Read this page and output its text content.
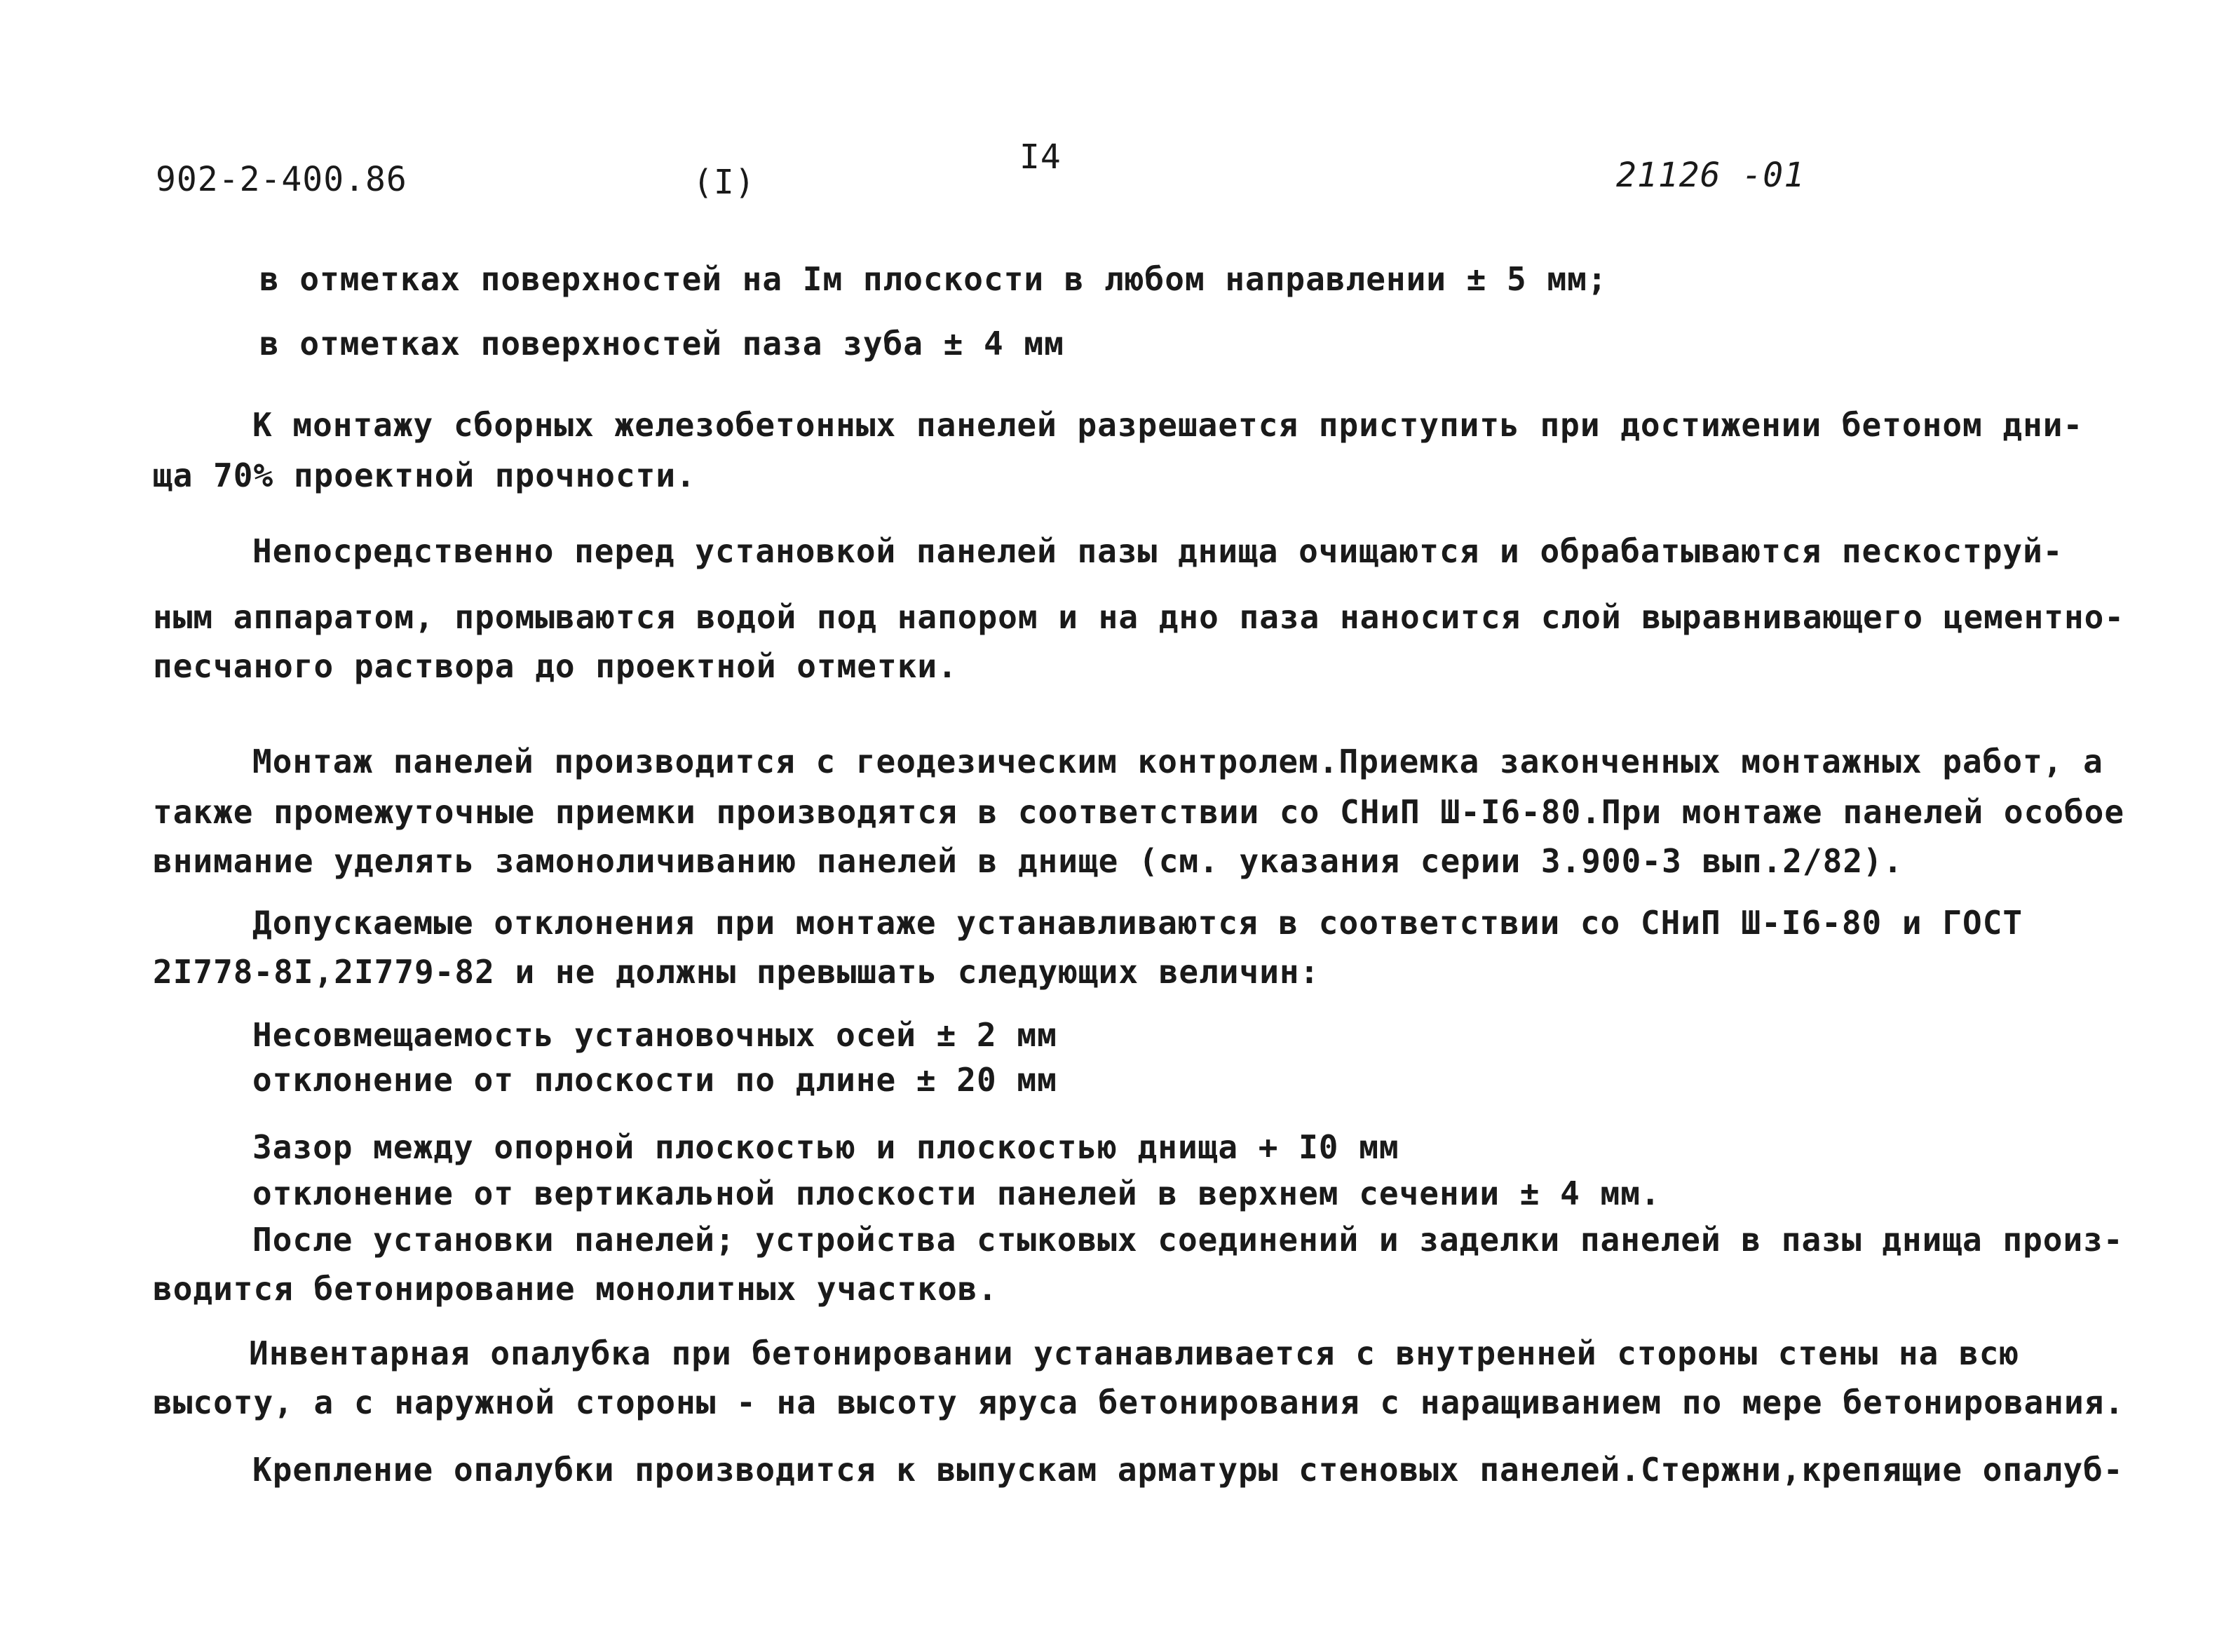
902-2-400.86	(I)
I4	21126 -01
в отметках поверхностей на Iм плоскости в любом направлении ± 5 мм;
в отметках поверхностей паза зуба ± 4 мм
К монтажу сборных железобетонных панелей разрешается приступить при достижении бетоном дни-
ща 70% проектной прочности.
Непосредственно перед установкой панелей пазы днища очищаются и обрабатываются пескоструй-
ным аппаратом, промываются водой под напором и на дно паза наносится слой выравнивающего цементно-
песчаного раствора до проектной отметки.
Монтаж панелей производится с геодезическим контролем.Приемка законченных монтажных работ, а
также промежуточные приемки производятся в соответствии со СНиП Ш-I6-80.При монтаже панелей особое
внимание уделять замоноличиванию панелей в днище (см. указания серии 3.900-3 вып.2/82).
Допускаемые отклонения при монтаже устанавливаются в соответствии со СНиП Ш-I6-80 и ГОСТ
2I778-8I,2I779-82 и не должны превышать следующих величин:
Несовмещаемость установочных осей ± 2 мм
отклонение от плоскости по длине ± 20 мм
Зазор между опорной плоскостью и плоскостью днища + I0 мм
отклонение от вертикальной плоскости панелей в верхнем сечении ± 4 мм.
После установки панелей; устройства стыковых соединений и заделки панелей в пазы днища произ-
водится бетонирование монолитных участков.
Инвентарная опалубка при бетонировании устанавливается с внутренней стороны стены на всю
высоту, а с наружной стороны - на высоту яруса бетонирования с наращиванием по мере бетонирования.
Крепление опалубки производится к выпускам арматуры стеновых панелей.Стержни,крепящие опалуб-
